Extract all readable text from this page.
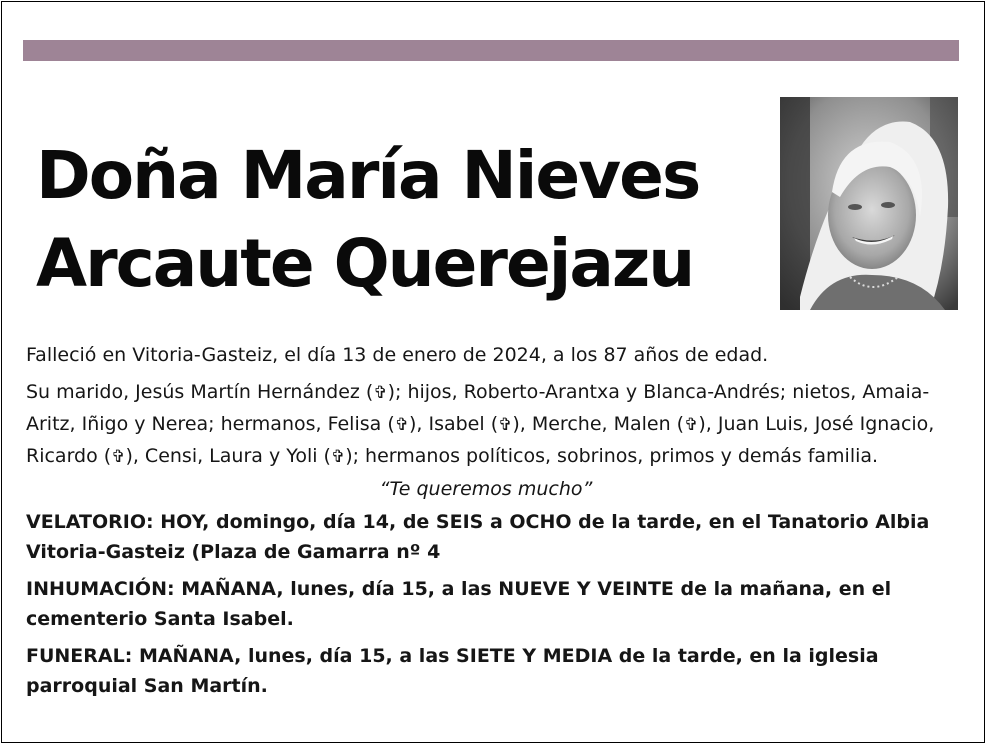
Doña María Nieves
Arcaute Querejazu

Falleció en Vitoria-Gasteiz, el día 13 de enero de 2024, a los 87 años de edad.

Su marido, Jesús Martín Hernández (✞); hijos, Roberto-Arantxa y Blanca-Andrés; nietos, Amaia-Aritz, Iñigo y Nerea; hermanos, Felisa (✞), Isabel (✞), Merche, Malen (✞), Juan Luis, José Ignacio, Ricardo (✞), Censi, Laura y Yoli (✞); hermanos políticos, sobrinos, primos y demás familia.

“Te queremos mucho”

VELATORIO: HOY, domingo, día 14, de SEIS a OCHO de la tarde, en el Tanatorio Albia Vitoria-Gasteiz (Plaza de Gamarra nº 4

INHUMACIÓN: MAÑANA, lunes, día 15, a las NUEVE Y VEINTE de la mañana, en el cementerio Santa Isabel.

FUNERAL: MAÑANA, lunes, día 15, a las SIETE Y MEDIA de la tarde, en la iglesia parroquial San Martín.
